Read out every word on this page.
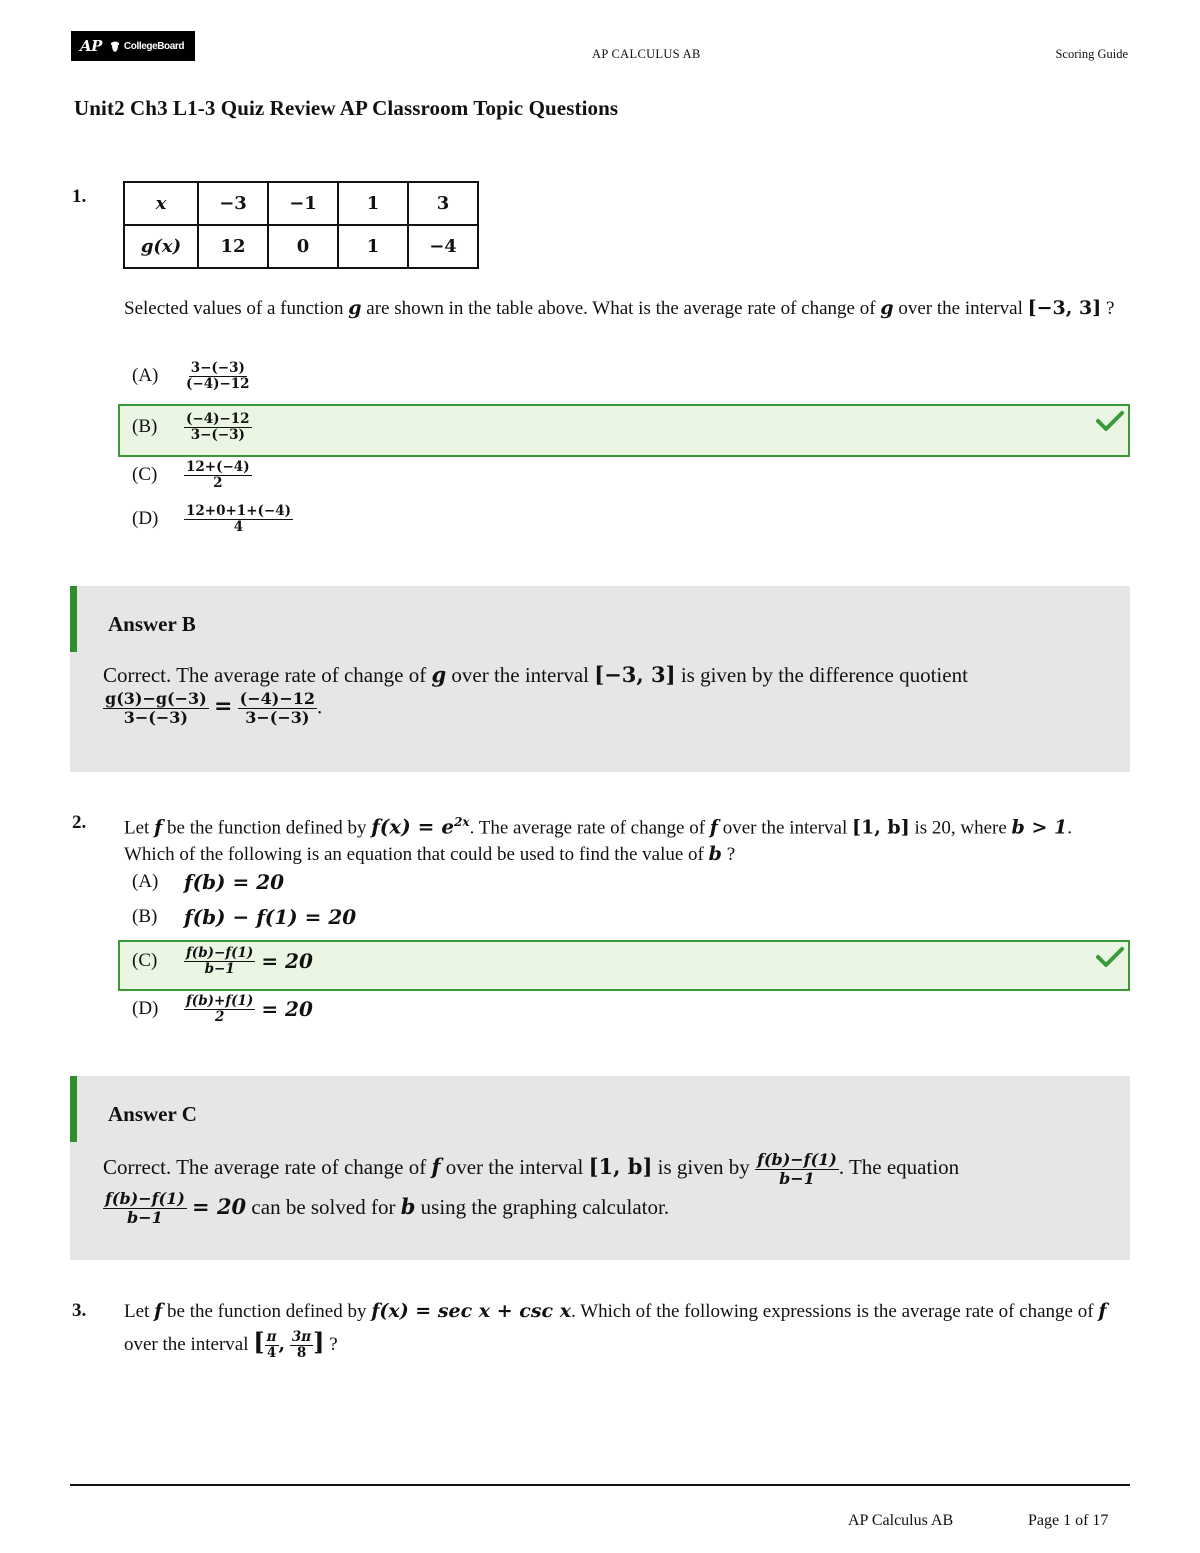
AP CollegeBoard
AP CALCULUS AB	Scoring Guide
Unit2 Ch3 L1-3 Quiz Review AP Classroom Topic Questions
1.	x	−3	−1	1	3
g(x)	12	0	1	−4
Selected values of a function g are shown in the table above. What is the average rate of change of g over the interval [−3, 3] ?
(A)	$\frac{3-(-3)}{(-4)-12}$
(B)	$\frac{(-4)-12}{3-(-3)}$
(C)	$\frac{12+(-4)}{2}$
(D)	$\frac{12+0+1+(-4)}{4}$
Answer B
Correct. The average rate of change of g over the interval [−3, 3] is given by the difference quotient

$\frac{g(3)-g(-3)}{3-(-3)} = \frac{(-4)-12}{3-(-3)}$ .
2. Let f be the function defined by $f(x) = e^{2x}$. The average rate of change of f over the interval [1, b] is 20, where b > 1. Which of the following is an equation that could be used to find the value of b ?
(A)	f(b) = 20
(B)	f(b) − f(1) = 20
(C)	$\frac{f(b)-f(1)}{b-1} = 20$
(D)	$\frac{f(b)+f(1)}{2} = 20$
Answer C
Correct. The average rate of change of f over the interval [1, b] is given by $\frac{f(b)-f(1)}{b-1}$ . The equation

$\frac{f(b)-f(1)}{b-1} = 20$ can be solved for b using the graphing calculator.
3. Let f be the function defined by f(x) = sec x + csc x. Which of the following expressions is the average rate of change of f over the interval [ $\frac{\pi}{4}$ , $\frac{3\pi}{8}$ ] ?
AP Calculus AB	Page 1 of 17
